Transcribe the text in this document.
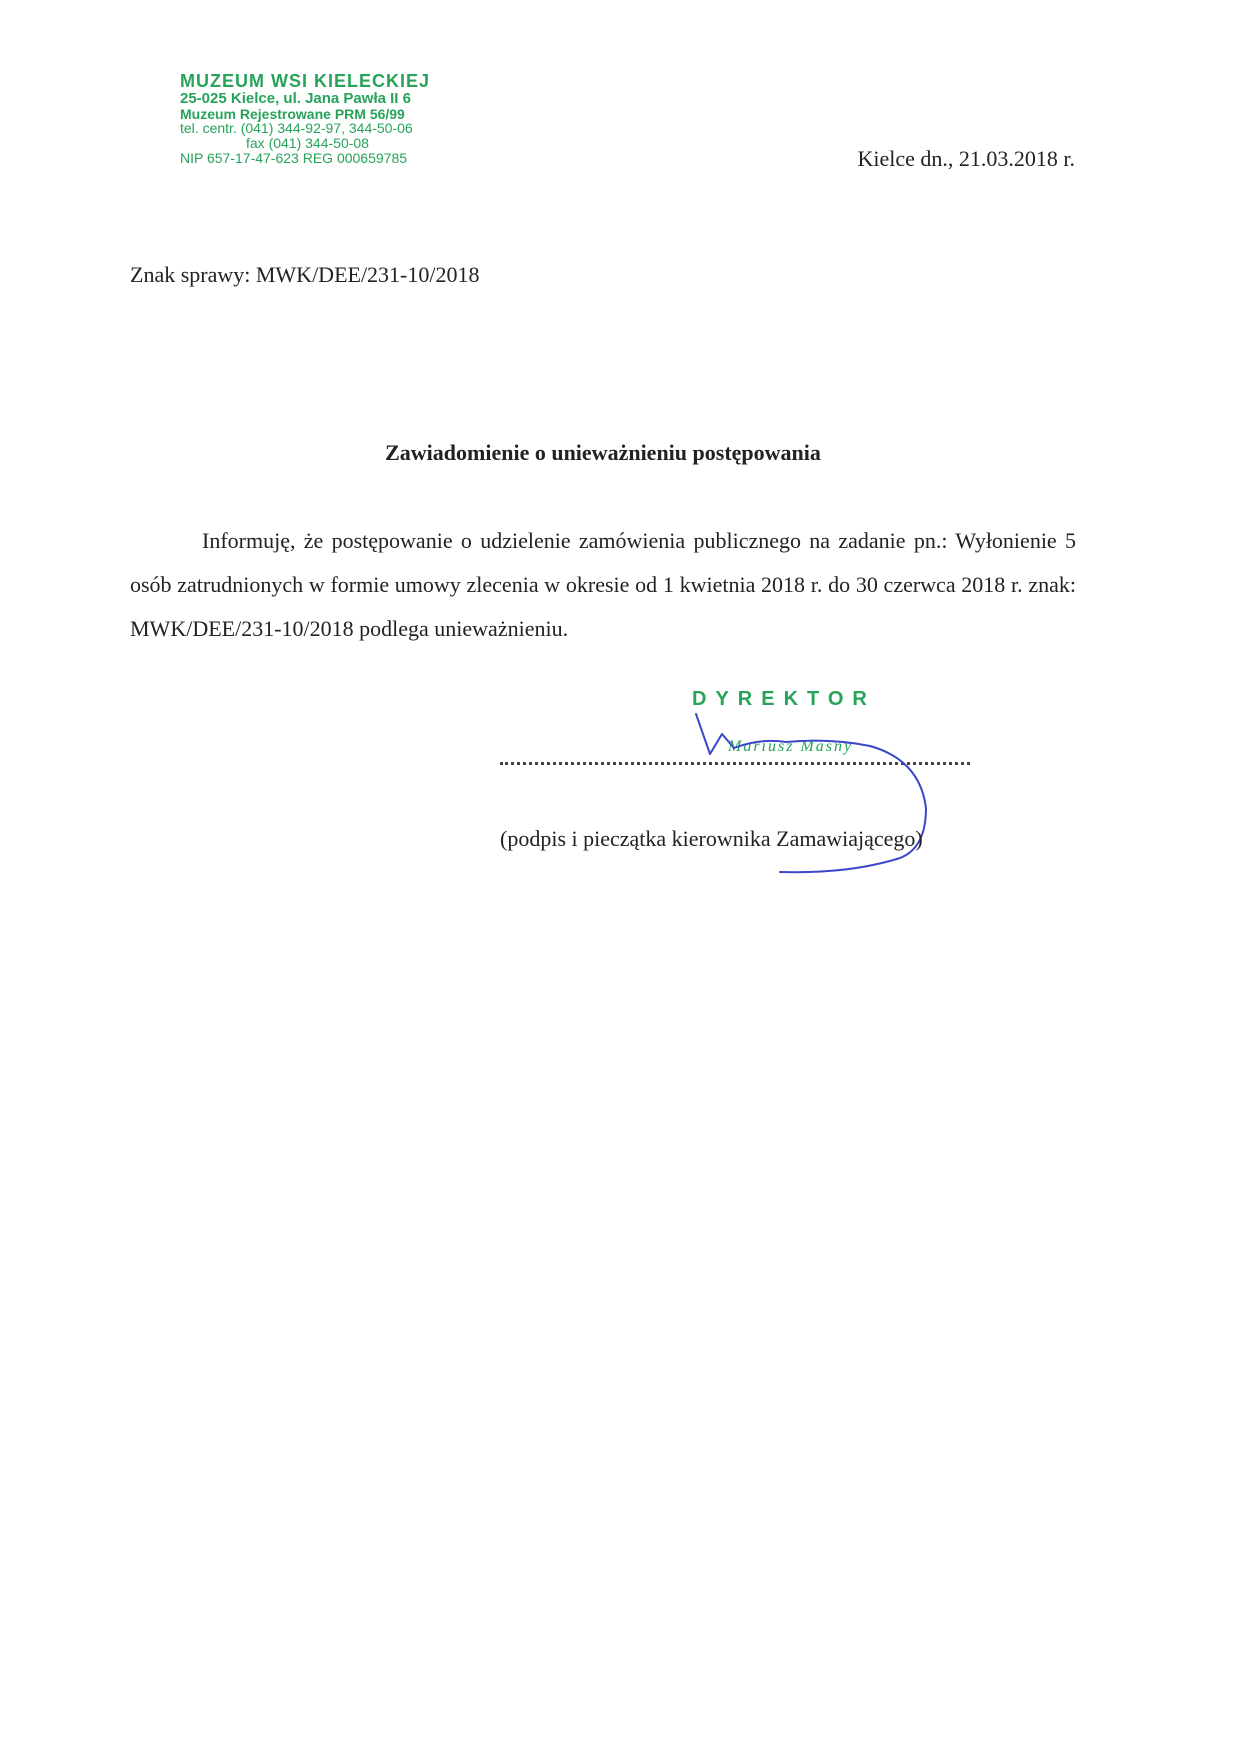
MUZEUM WSI KIELECKIEJ
25-025 Kielce, ul. Jana Pawła II 6
Muzeum Rejestrowane PRM 56/99
tel. centr. (041) 344-92-97, 344-50-06
fax (041) 344-50-08
NIP 657-17-47-623 REG 000659785	Kielce dn., 21.03.2018 r.
Znak sprawy: MWK/DEE/231-10/2018
Zawiadomienie o unieważnieniu postępowania

Informuję, że postępowanie o udzielenie zamówienia publicznego na zadanie pn.: Wyłonienie 5 osób zatrudnionych w formie umowy zlecenia w okresie od 1 kwietnia 2018 r. do 30 czerwca 2018 r. znak: MWK/DEE/231-10/2018 podlega unieważnieniu.

DYREKTOR
Mariusz Masny
(podpis i pieczątka kierownika Zamawiającego)
